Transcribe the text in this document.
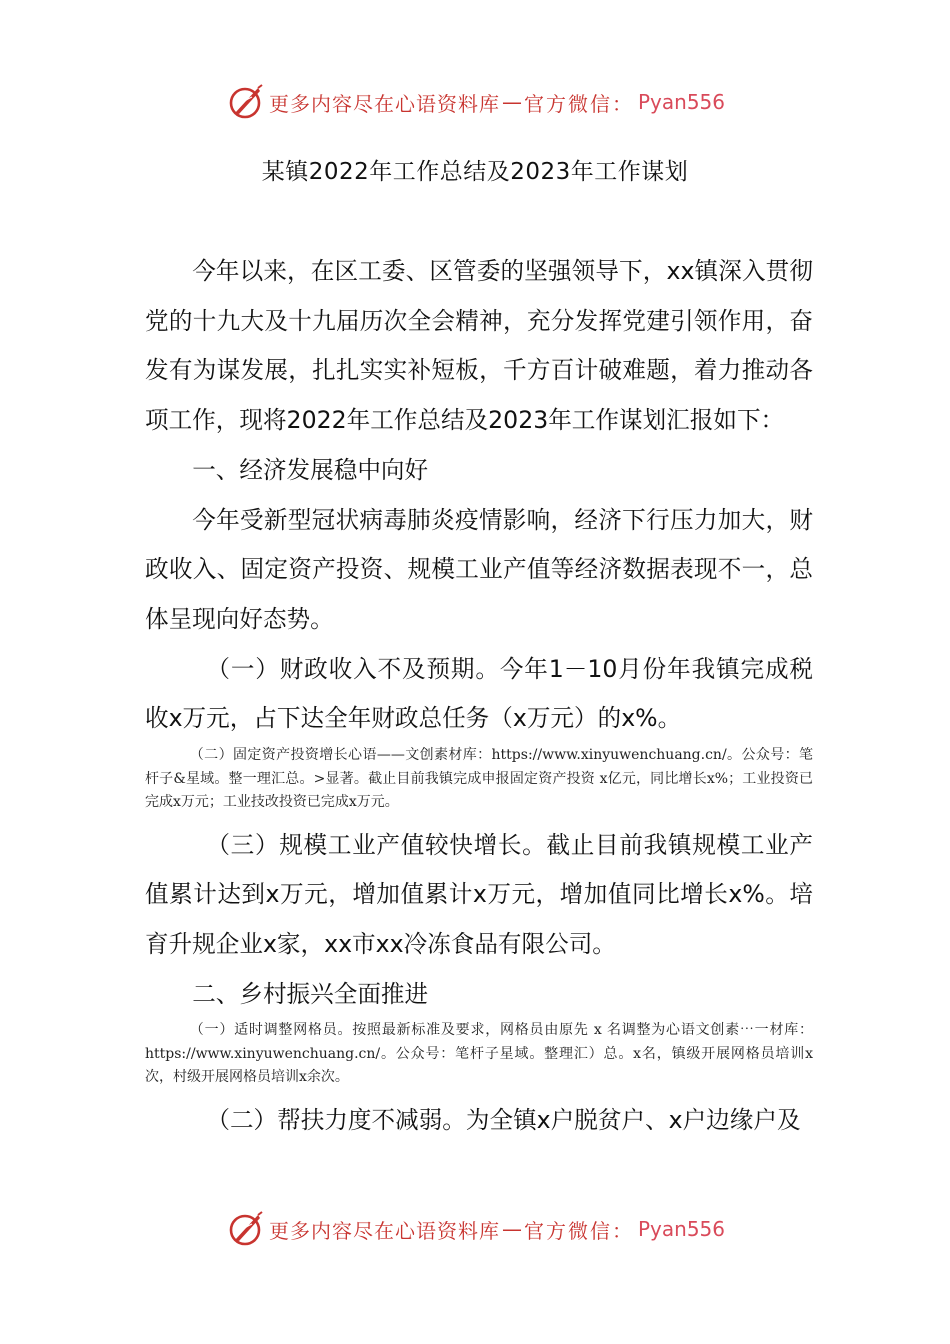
更多内容尽在心语资料库 — 官方微信： Pyan556
某镇2022年工作总结及2023年工作谋划

今年以来，在区工委、区管委的坚强领导下，xx镇深入贯彻党的十九大及十九届历次全会精神，充分发挥党建引领作用，奋发有为谋发展，扎扎实实补短板，千方百计破难题，着力推动各项工作，现将2022年工作总结及2023年工作谋划汇报如下：

一、经济发展稳中向好

今年受新型冠状病毒肺炎疫情影响，经济下行压力加大，财政收入、固定资产投资、规模工业产值等经济数据表现不一，总体呈现向好态势。

（一）财政收入不及预期。今年1－10月份年我镇完成税收x万元，占下达全年财政总任务（x万元）的x%。

（二）固定资产投资增长心语——文创素材库：https://www.xinyuwenchuang.cn/。公众号：笔杆子&星域。整一理汇总。>显著。截止目前我镇完成申报固定资产投资 x亿元，同比增长x%；工业投资已完成x万元；工业技改投资已完成x万元。

（三）规模工业产值较快增长。截止目前我镇规模工业产值累计达到x万元，增加值累计x万元，增加值同比增长x%。培育升规企业x家，xx市xx冷冻食品有限公司。

二、乡村振兴全面推进

（一）适时调整网格员。按照最新标准及要求，网格员由原先 x 名调整为心语文创素⋯一材库：https://www.xinyuwenchuang.cn/。公众号：笔杆子星域。整理汇）总。x名，镇级开展网格员培训x次，村级开展网格员培训x余次。

（二）帮扶力度不减弱。为全镇x户脱贫户、x户边缘户及

更多内容尽在心语资料库 — 官方微信： Pyan556
